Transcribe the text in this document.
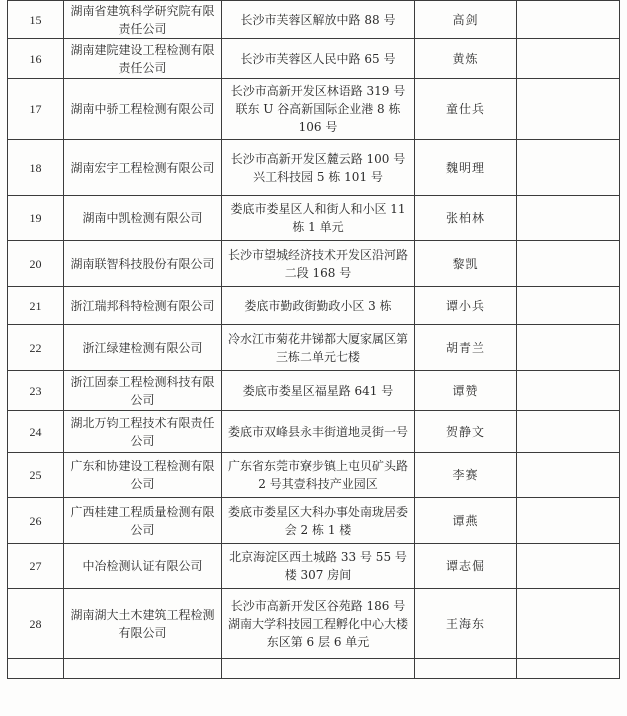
15	湖南省建筑科学研究院有限责任公司	长沙市芙蓉区解放中路 88 号	高剑	
16	湖南建院建设工程检测有限责任公司	长沙市芙蓉区人民中路 65 号	黄炼	
17	湖南中骄工程检测有限公司	长沙市高新开发区林语路 319 号联东 U 谷高新国际企业港 8 栋 106 号	童仕兵	
18	湖南宏宇工程检测有限公司	长沙市高新开发区麓云路 100 号兴工科技园 5 栋 101 号	魏明理	
19	湖南中凯检测有限公司	娄底市娄星区人和街人和小区 11 栋 1 单元	张柏林	
20	湖南联智科技股份有限公司	长沙市望城经济技术开发区沿河路二段 168 号	黎凯	
21	浙江瑞邦科特检测有限公司	娄底市勤政街勤政小区 3 栋	谭小兵	
22	浙江绿建检测有限公司	冷水江市菊花井锑都大厦家属区第三栋二单元七楼	胡青兰	
23	浙江固泰工程检测科技有限公司	娄底市娄星区福星路 641 号	谭赞	
24	湖北万钧工程技术有限责任公司	娄底市双峰县永丰街道地灵街一号	贺静文	
25	广东和协建设工程检测有限公司	广东省东莞市寮步镇上屯贝矿头路 2 号其壹科技产业园区	李赛	
26	广西桂建工程质量检测有限公司	娄底市娄星区大科办事处南珑居委会 2 栋 1 楼	谭燕	
27	中冶检测认证有限公司	北京海淀区西土城路 33 号 55 号楼 307 房间	谭志倔	
28	湖南湖大土木建筑工程检测有限公司	长沙市高新开发区谷苑路 186 号湖南大学科技园工程孵化中心大楼东区第 6 层 6 单元	王海东	
